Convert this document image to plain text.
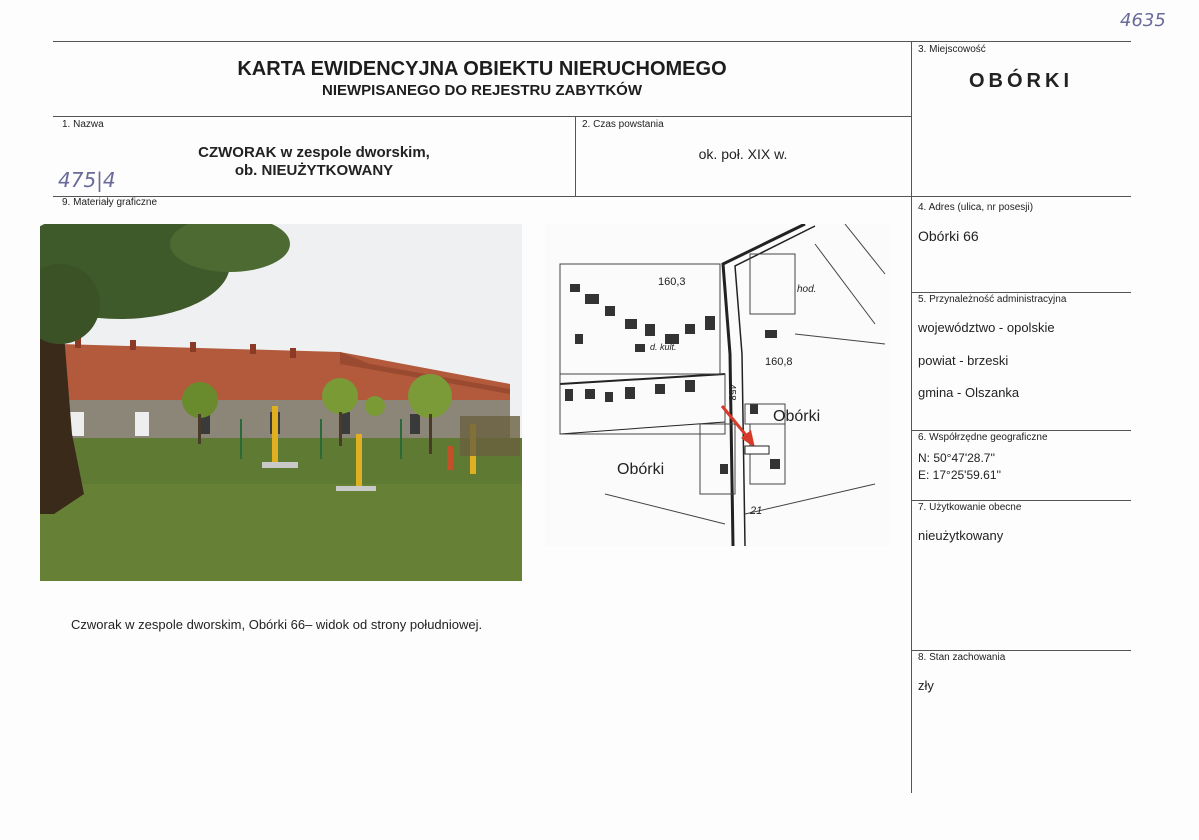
4635
475|4
KARTA EWIDENCYJNA OBIEKTU NIERUCHOMEGO
NIEWPISANEGO DO REJESTRU ZABYTKÓW
3. Miejscowość
OBÓRKI
1. Nazwa
CZWORAK w zespole dworskim,
ob. NIEUŻYTKOWANY
2. Czas powstania
ok. poł. XIX w.
9. Materiały graficzne
160,3
160,8
hod.
d. kult.
458
Obórki
Obórki
21
Czworak w zespole dworskim, Obórki 66– widok od strony południowej.
4. Adres (ulica, nr posesji)
Obórki 66
5. Przynależność administracyjna
województwo - opolskie
powiat - brzeski
gmina - Olszanka
6. Współrzędne geograficzne
N: 50°47'28.7''
E: 17°25'59.61''
7. Użytkowanie obecne
nieużytkowany
8. Stan zachowania
zły
